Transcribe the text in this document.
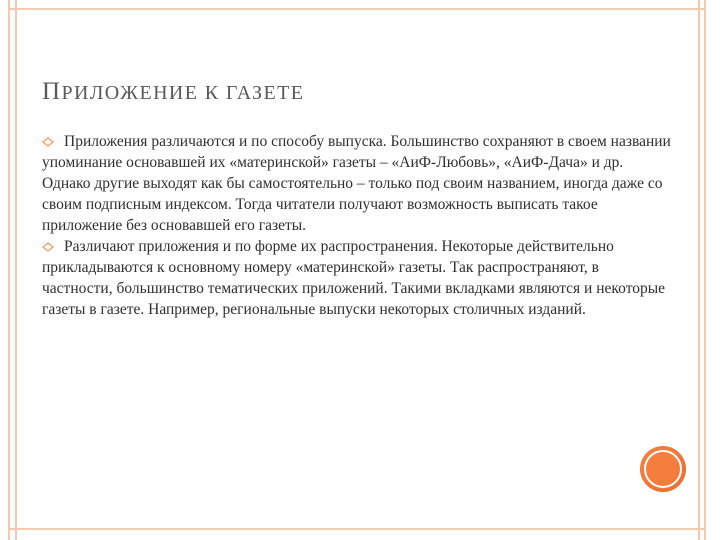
ПРИЛОЖЕНИЕ К ГАЗЕТЕ

Приложения различаются и по способу выпуска. Большинство сохраняют в своем названии упоминание основавшей их «материнской» газеты – «АиФ-Любовь», «АиФ-Дача» и др. Однако другие выходят как бы самостоятельно – только под своим названием, иногда даже со своим подписным индексом. Тогда читатели получают возможность выписать такое приложение без основавшей его газеты.

Различают приложения и по форме их распространения. Некоторые действительно прикладываются к основному номеру «материнской» газеты. Так распространяют, в частности, большинство тематических приложений. Такими вкладками являются и некоторые газеты в газете. Например, региональные выпуски некоторых столичных изданий.
